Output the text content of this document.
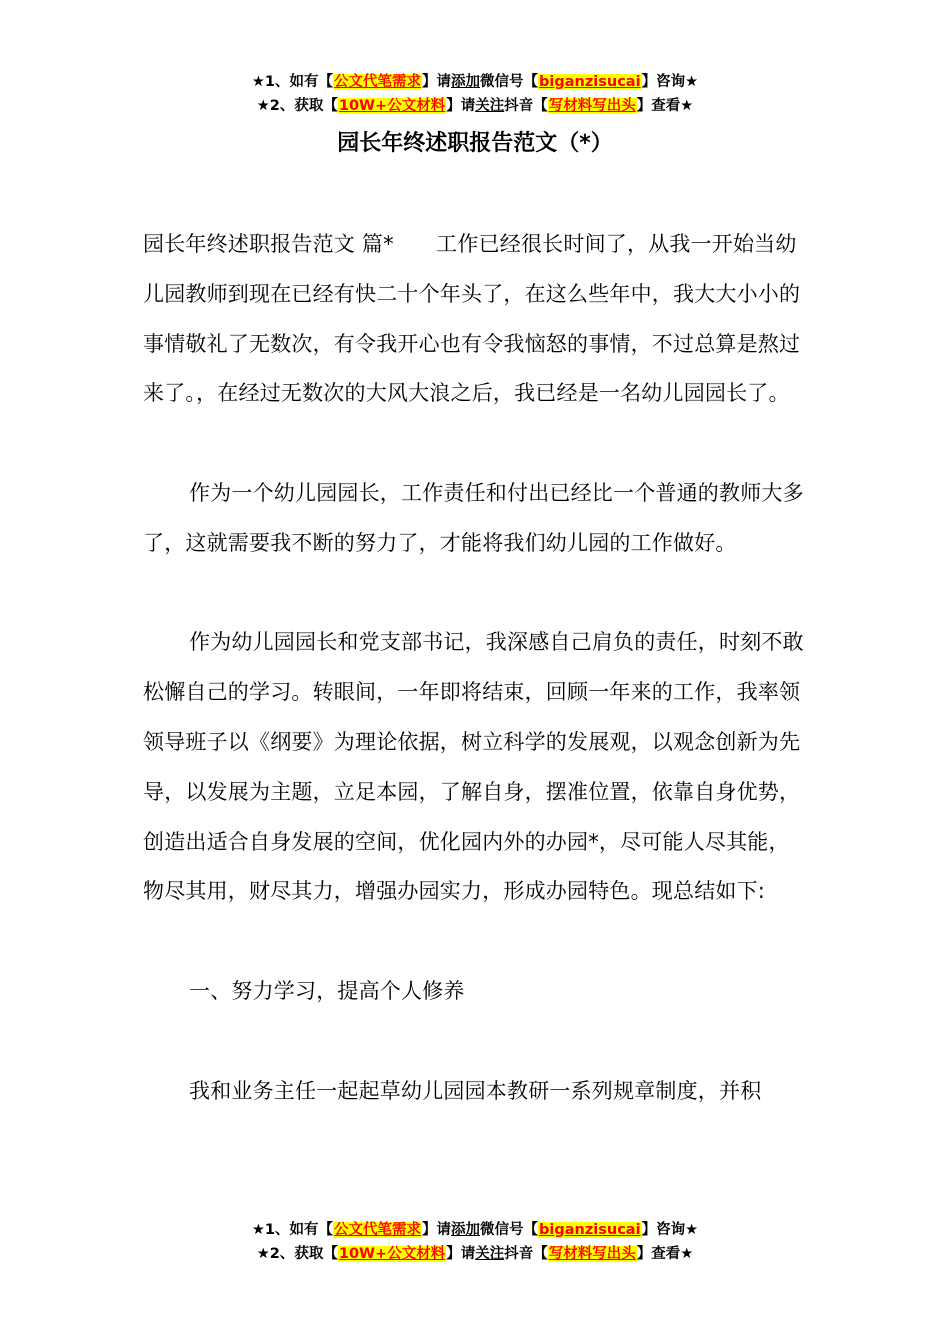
★1、如有【公文代笔需求】请添加微信号【biganzisucai】咨询★
★2、获取【10W+公文材料】请关注抖音【写材料写出头】查看★
园长年终述职报告范文（*）

园长年终述职报告范文 篇*　　工作已经很长时间了，从我一开始当幼儿园教师到现在已经有快二十个年头了，在这么些年中，我大大小小的事情敬礼了无数次，有令我开心也有令我恼怒的事情，不过总算是熬过来了。，在经过无数次的大风大浪之后，我已经是一名幼儿园园长了。

作为一个幼儿园园长，工作责任和付出已经比一个普通的教师大多了，这就需要我不断的努力了，才能将我们幼儿园的工作做好。

作为幼儿园园长和党支部书记，我深感自己肩负的责任，时刻不敢松懈自己的学习。转眼间，一年即将结束，回顾一年来的工作，我率领领导班子以《纲要》为理论依据，树立科学的发展观，以观念创新为先导，以发展为主题，立足本园，了解自身，摆准位置，依靠自身优势，创造出适合自身发展的空间，优化园内外的办园*，尽可能人尽其能，物尽其用，财尽其力，增强办园实力，形成办园特色。现总结如下:

一、努力学习，提高个人修养

我和业务主任一起起草幼儿园园本教研一系列规章制度，并积

★1、如有【公文代笔需求】请添加微信号【biganzisucai】咨询★
★2、获取【10W+公文材料】请关注抖音【写材料写出头】查看★
